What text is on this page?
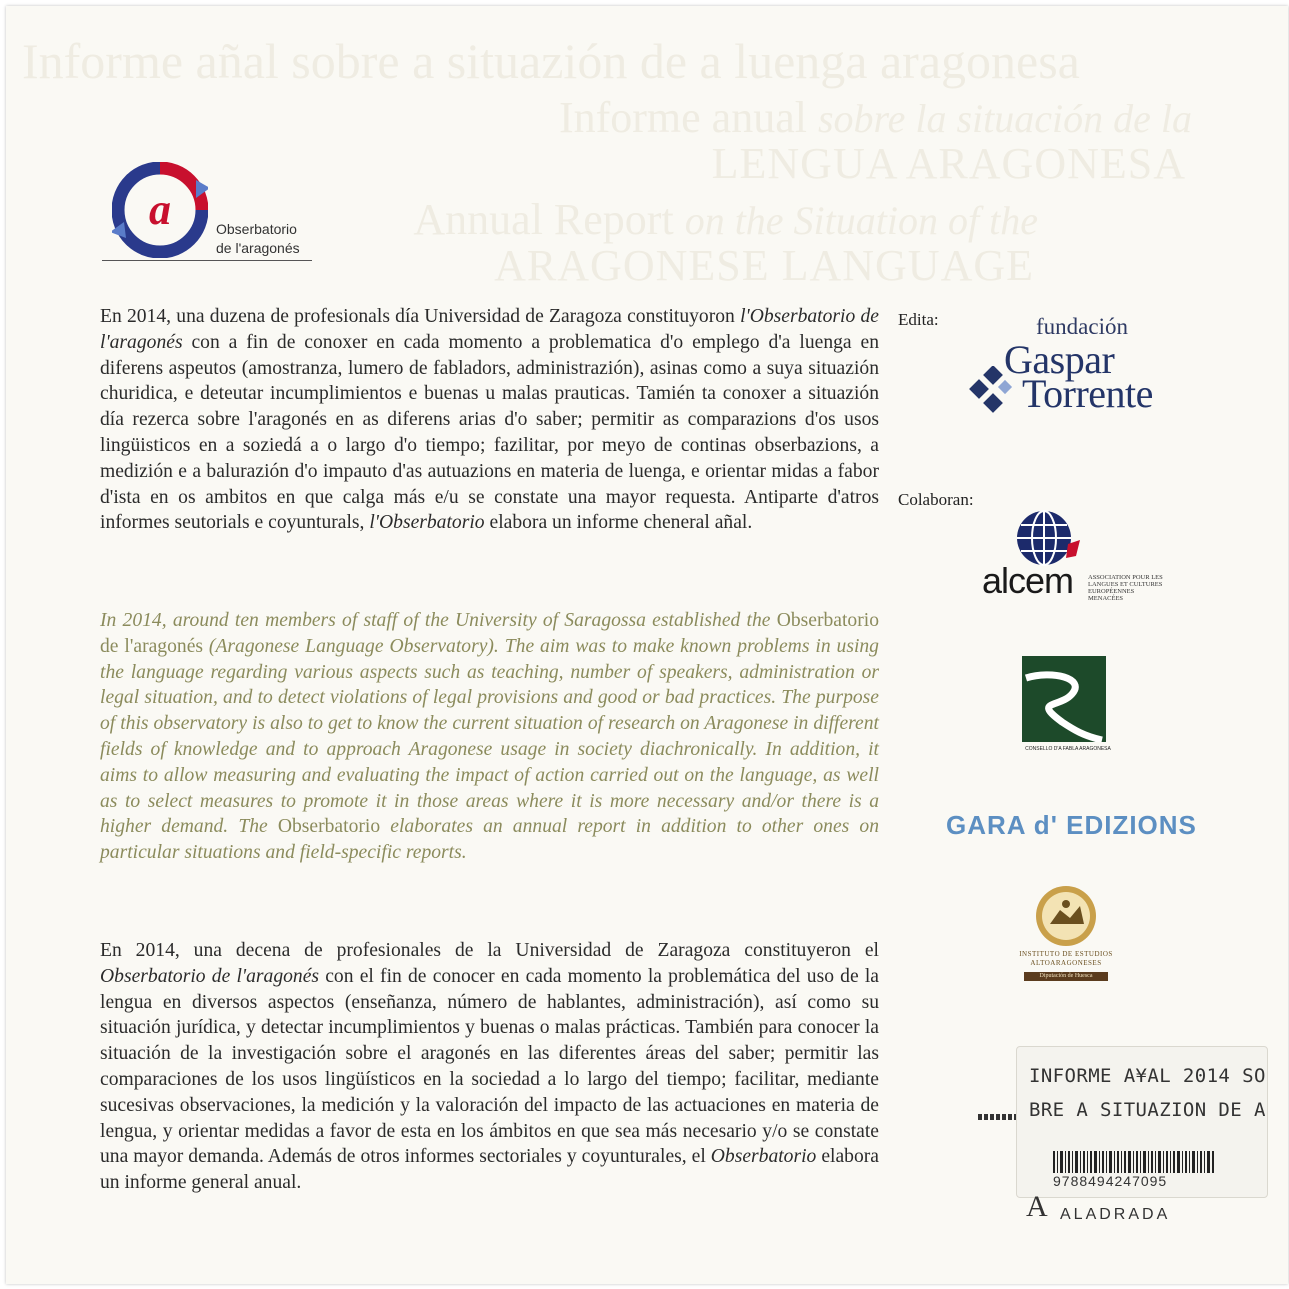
Informe añal sobre a situazión de a luenga aragonesa
Informe anual sobre la situación de la
LENGUA ARAGONESA
Annual Report on the Situation of the
ARAGONESE LANGUAGE
a	Obserbatorio
de l'aragonés

En 2014, una duzena de profesionals día Universidad de Zaragoza constituyoron l'Obserbatorio de l'aragonés con a fin de conoxer en cada momento a problematica d'o emplego d'a luenga en diferens aspeutos (amostranza, lumero de fabladors, administrazión), asinas como a suya situazión churidica, e deteutar incumplimientos e buenas u malas prauticas. Tamién ta conoxer a situazión día rezerca sobre l'aragonés en as diferens arias d'o saber; permitir as comparazions d'os usos lingüisticos en a soziedá a o largo d'o tiempo; fazilitar, por meyo de continas obserbazions, a medizión e a balurazión d'o impauto d'as autuazions en materia de luenga, e orientar midas a fabor d'ista en os ambitos en que calga más e/u se constate una mayor requesta. Antiparte d'atros informes seutorials e coyunturals, l'Obserbatorio elabora un informe cheneral añal.

In 2014, around ten members of staff of the University of Saragossa established the Obserbatorio de l'aragonés (Aragonese Language Observatory). The aim was to make known problems in using the language regarding various aspects such as teaching, number of speakers, administration or legal situation, and to detect violations of legal provisions and good or bad practices. The purpose of this observatory is also to get to know the current situation of research on Aragonese in different fields of knowledge and to approach Aragonese usage in society diachronically. In addition, it aims to allow measuring and evaluating the impact of action carried out on the language, as well as to select measures to promote it in those areas where it is more necessary and/or there is a higher demand. The Obserbatorio elaborates an annual report in addition to other ones on particular situations and field-specific reports.

En 2014, una decena de profesionales de la Universidad de Zaragoza constituyeron el Obserbatorio de l'aragonés con el fin de conocer en cada momento la problemática del uso de la lengua en diversos aspectos (enseñanza, número de hablantes, administración), así como su situación jurídica, y detectar incumplimientos y buenas o malas prácticas. También para conocer la situación de la investigación sobre el aragonés en las diferentes áreas del saber; permitir las comparaciones de los usos lingüísticos en la sociedad a lo largo del tiempo; facilitar, mediante sucesivas observaciones, la medición y la valoración del impacto de las actuaciones en materia de lengua, y orientar medidas a favor de esta en los ámbitos en que sea más necesario y/o se constate una mayor demanda. Además de otros informes sectoriales y coyunturales, el Obserbatorio elabora un informe general anual.

Edita:	fundación
Gaspar
Torrente
Colaboran:
alcem ASSOCIATION POUR LES LANGUES ET CULTURES EUROPÉENNES MENACÉES
CONSELLO D'A FABLA ARAGONESA
GARA d' EDIZIONS
INSTITUTO DE ESTUDIOS
ALTOARAGONESES
Diputación de Huesca
INFORME A¥AL 2014 SO
BRE A SITUAZION DE A
9788494247095
A ALADRADA
